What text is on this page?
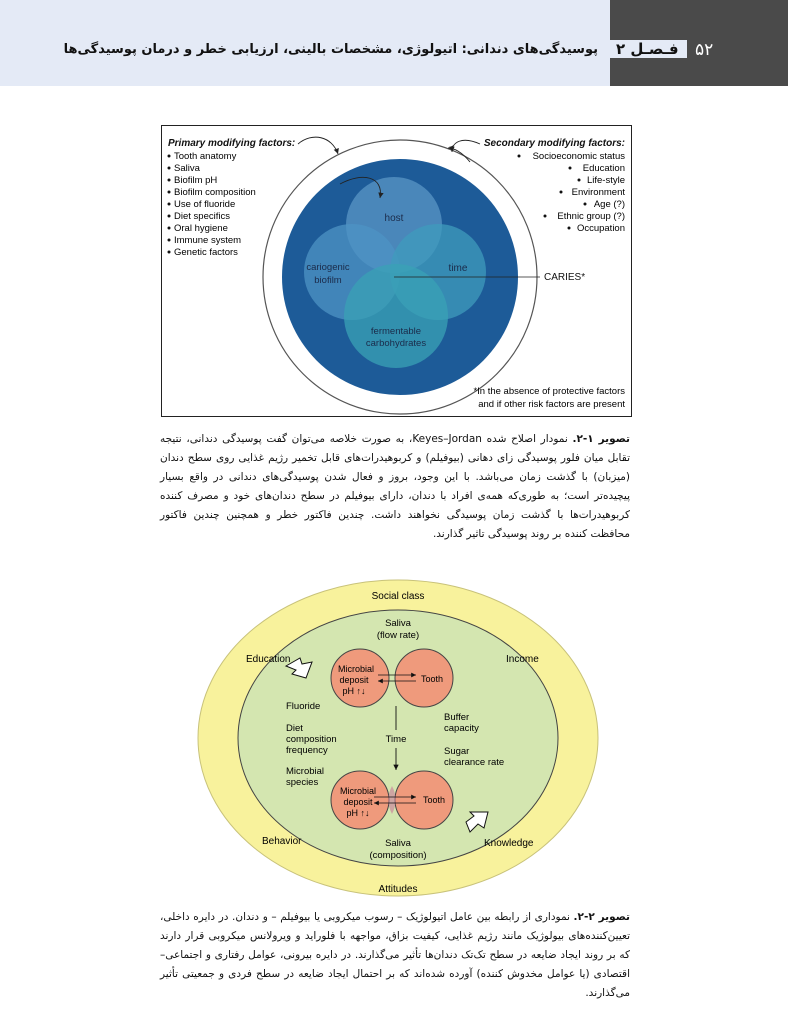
پوسیدگی‌های دندانی: اتیولوژی، مشخصات بالینی، ارزیابی خطر و درمان پوسیدگی‌ها	فـصـل ۲ ۵۲
host
time
cariogenic
biofilm
fermentable
carbohydrates
CARIES*
Primary modifying factors:
Tooth anatomy
Saliva
Biofilm pH
Biofilm composition
Use of fluoride
Diet specifics
Oral hygiene
Immune system
Genetic factors
Secondary modifying factors:
Socioeconomic status
Education
Life-style
Environment
Age (?)
Ethnic group (?)
Occupation
*In the absence of protective factors
and if other risk factors are present
تصویر ۱-۲. نمودار اصلاح شده Keyes–Jordan، به صورت خلاصه می‌توان گفت پوسیدگی دندانی، نتیجه تقابل میان فلور پوسیدگی زای دهانی (بیوفیلم) و کربوهیدرات‌های قابل تخمیر رژیم غذایی روی سطح دندان (میزبان) با گذشت زمان می‌باشد. با این وجود، بروز و فعال شدن پوسیدگی‌های دندانی در واقع بسیار پیچیده‌تر است؛ به طوری‌که همه‌ی افراد با دندان، دارای بیوفیلم در سطح دندان‌های خود و مصرف کننده کربوهیدرات‌ها با گذشت زمان پوسیدگی نخواهند داشت. چندین فاکتور خطر و همچنین چندین فاکتور محافظت کننده بر روند پوسیدگی تاثیر گذارند.
Social class
Education	Income
Behavior	Knowledge
Attitudes
Saliva
(flow rate)
Saliva
(composition)
Fluoride
Diet
composition
frequency
Microbial
species
Buffer
capacity
Sugar
clearance rate
Time
Microbial
deposit
pH ↑↓
Tooth
Microbial
deposit
pH ↑↓
Tooth
تصویر ۲-۲. نموداری از رابطه بین عامل اتیولوژیک – رسوب میکروبی یا بیوفیلم – و دندان. در دایره داخلی، تعیین‌کننده‌های بیولوژیک مانند رژیم غذایی، کیفیت بزاق، مواجهه با فلوراید و ویرولانس میکروبی قرار دارند که بر روند ایجاد ضایعه در سطح تک‌تک دندان‌ها تأثیر می‌گذارند. در دایره بیرونی، عوامل رفتاری و اجتماعی–اقتصادی (یا عوامل مخدوش کننده) آورده شده‌اند که بر احتمال ایجاد ضایعه در سطح فردی و جمعیتی تأثیر می‌گذارند.
